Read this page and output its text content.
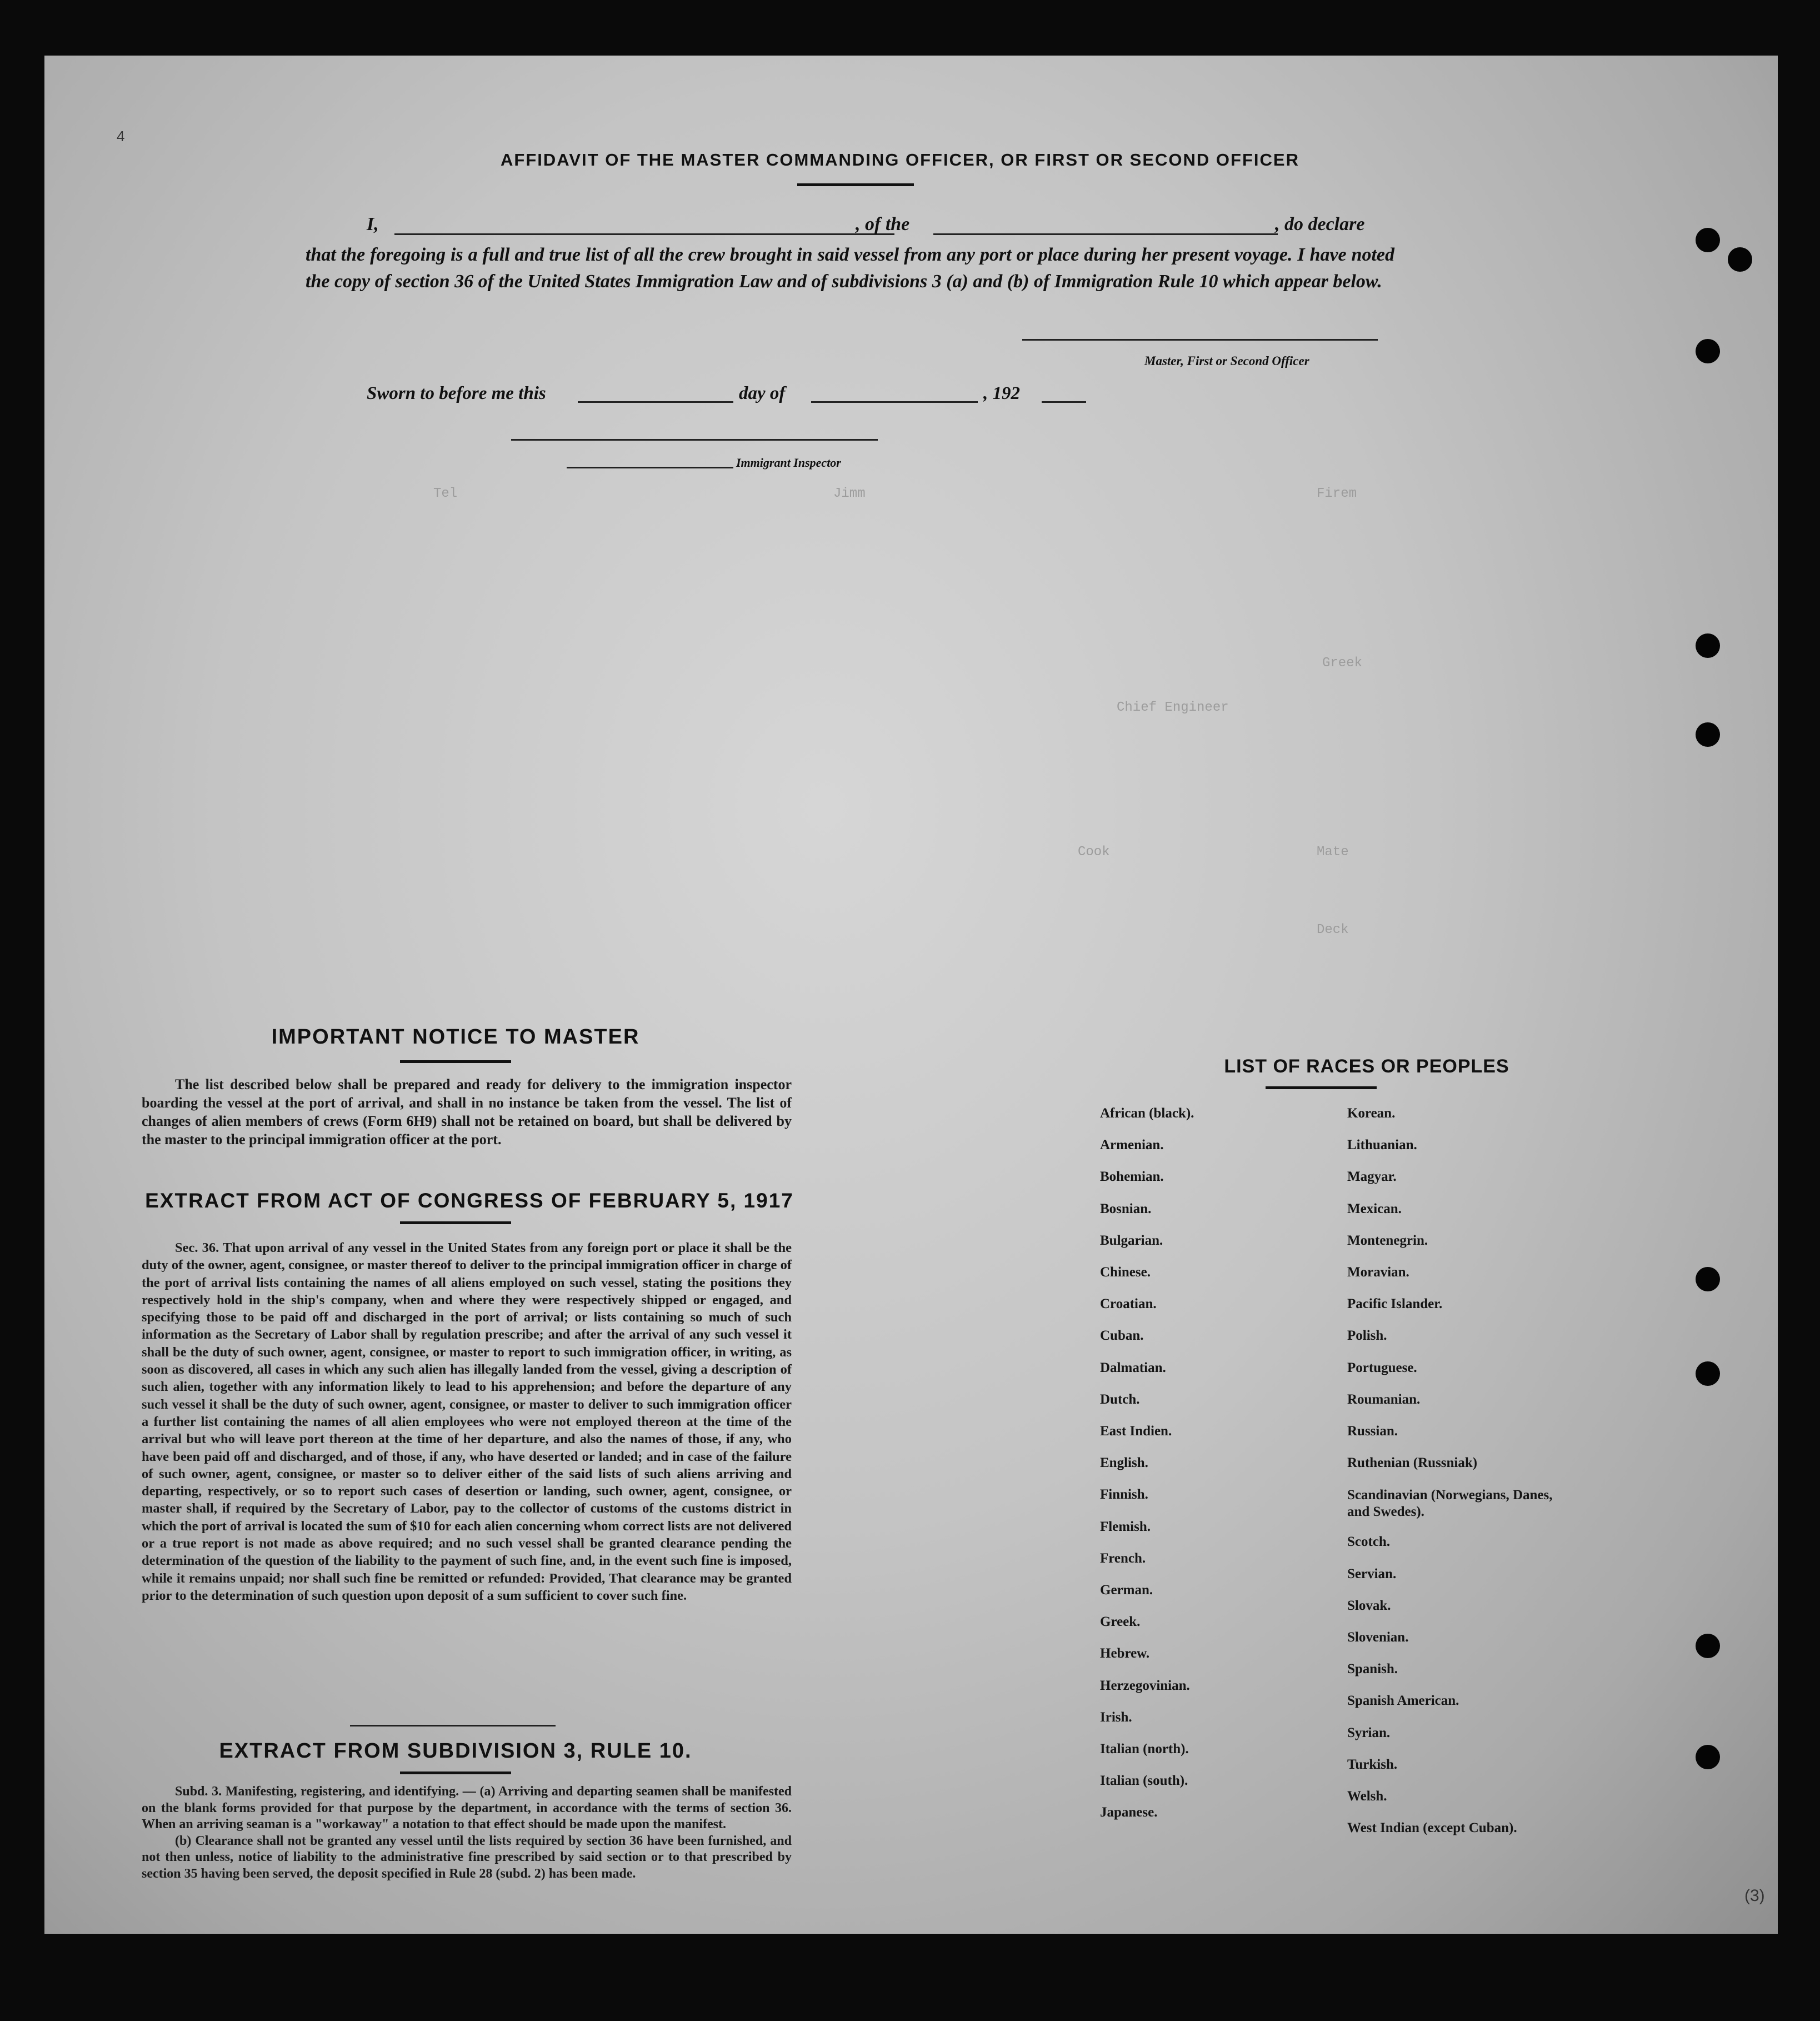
Tel	Jimm	Firem
Greek
Chief Engineer
Cook	Mate
Deck
4
AFFIDAVIT OF THE MASTER COMMANDING OFFICER, OR FIRST OR SECOND OFFICER
I,	, of the	, do declare
that the foregoing is a full and true list of all the crew brought in said vessel from any port or place during her present voyage. I have noted the copy of section 36 of the United States Immigration Law and of subdivisions 3 (a) and (b) of Immigration Rule 10 which appear below.
Master, First or Second Officer
Sworn to before me this	day of	, 192
Immigrant Inspector
IMPORTANT NOTICE TO MASTER

The list described below shall be prepared and ready for delivery to the immigration inspector boarding the vessel at the port of arrival, and shall in no instance be taken from the vessel. The list of changes of alien members of crews (Form 6H9) shall not be retained on board, but shall be delivered by the master to the principal immigration officer at the port.

EXTRACT FROM ACT OF CONGRESS OF FEBRUARY 5, 1917

Sec. 36. That upon arrival of any vessel in the United States from any foreign port or place it shall be the duty of the owner, agent, consignee, or master thereof to deliver to the principal immigration officer in charge of the port of arrival lists containing the names of all aliens employed on such vessel, stating the positions they respectively hold in the ship's company, when and where they were respectively shipped or engaged, and specifying those to be paid off and discharged in the port of arrival; or lists containing so much of such information as the Secretary of Labor shall by regulation prescribe; and after the arrival of any such vessel it shall be the duty of such owner, agent, consignee, or master to report to such immigration officer, in writing, as soon as discovered, all cases in which any such alien has illegally landed from the vessel, giving a description of such alien, together with any information likely to lead to his apprehension; and before the departure of any such vessel it shall be the duty of such owner, agent, consignee, or master to deliver to such immigration officer a further list containing the names of all alien employees who were not employed thereon at the time of the arrival but who will leave port thereon at the time of her departure, and also the names of those, if any, who have been paid off and discharged, and of those, if any, who have deserted or landed; and in case of the failure of such owner, agent, consignee, or master so to deliver either of the said lists of such aliens arriving and departing, respectively, or so to report such cases of desertion or landing, such owner, agent, consignee, or master shall, if required by the Secretary of Labor, pay to the collector of customs of the customs district in which the port of arrival is located the sum of $10 for each alien concerning whom correct lists are not delivered or a true report is not made as above required; and no such vessel shall be granted clearance pending the determination of the question of the liability to the payment of such fine, and, in the event such fine is imposed, while it remains unpaid; nor shall such fine be remitted or refunded: Provided, That clearance may be granted prior to the determination of such question upon deposit of a sum sufficient to cover such fine.

EXTRACT FROM SUBDIVISION 3, RULE 10.

Subd. 3. Manifesting, registering, and identifying. — (a) Arriving and departing seamen shall be manifested on the blank forms provided for that purpose by the department, in accordance with the terms of section 36. When an arriving seaman is a "workaway" a notation to that effect should be made upon the manifest.

(b) Clearance shall not be granted any vessel until the lists required by section 36 have been furnished, and not then unless, notice of liability to the administrative fine prescribed by said section or to that prescribed by section 35 having been served, the deposit specified in Rule 28 (subd. 2) has been made.

LIST OF RACES OR PEOPLES
African (black).
Armenian.
Bohemian.
Bosnian.
Bulgarian.
Chinese.
Croatian.
Cuban.
Dalmatian.
Dutch.
East Indien.
English.
Finnish.
Flemish.
French.
German.
Greek.
Hebrew.
Herzegovinian.
Irish.
Italian (north).
Italian (south).
Japanese.
Korean.
Lithuanian.
Magyar.
Mexican.
Montenegrin.
Moravian.
Pacific Islander.
Polish.
Portuguese.
Roumanian.
Russian.
Ruthenian (Russniak)
Scandinavian (Norwegians, Danes, and Swedes).
Scotch.
Servian.
Slovak.
Slovenian.
Spanish.
Spanish American.
Syrian.
Turkish.
Welsh.
West Indian (except Cuban).
(3)
